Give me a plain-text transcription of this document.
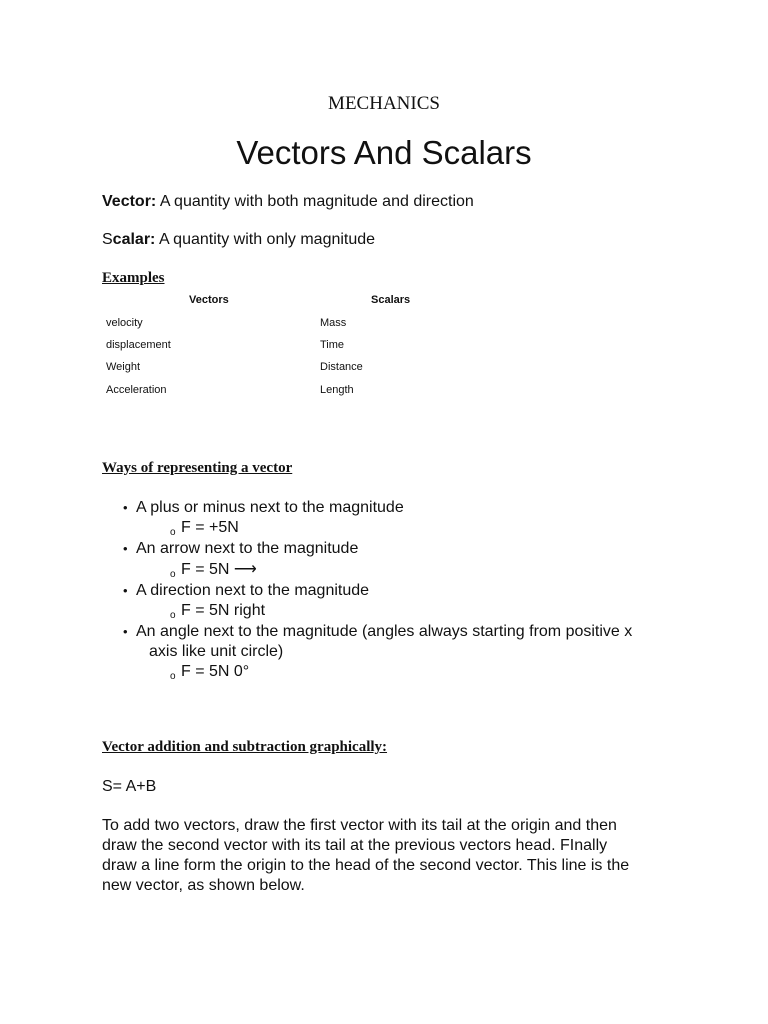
MECHANICS
Vectors And Scalars
Vector: A quantity with both magnitude and direction
Scalar: A quantity with only magnitude
Examples
Vectors	Scalars
velocity	Mass
displacement	Time
Weight	Distance
Acceleration	Length
Ways of representing a vector
• A plus or minus next to the magnitude
o F = +5N
• An arrow next to the magnitude
o F = 5N ⟶
• A direction next to the magnitude
o F = 5N right
• An angle next to the magnitude (angles always starting from positive x
axis like unit circle)
o F = 5N 0°
Vector addition and subtraction graphically:
S= A+B
To add two vectors, draw the first vector with its tail at the origin and then
draw the second vector with its tail at the previous vectors head. FInally
draw a line form the origin to the head of the second vector. This line is the
new vector, as shown below.
